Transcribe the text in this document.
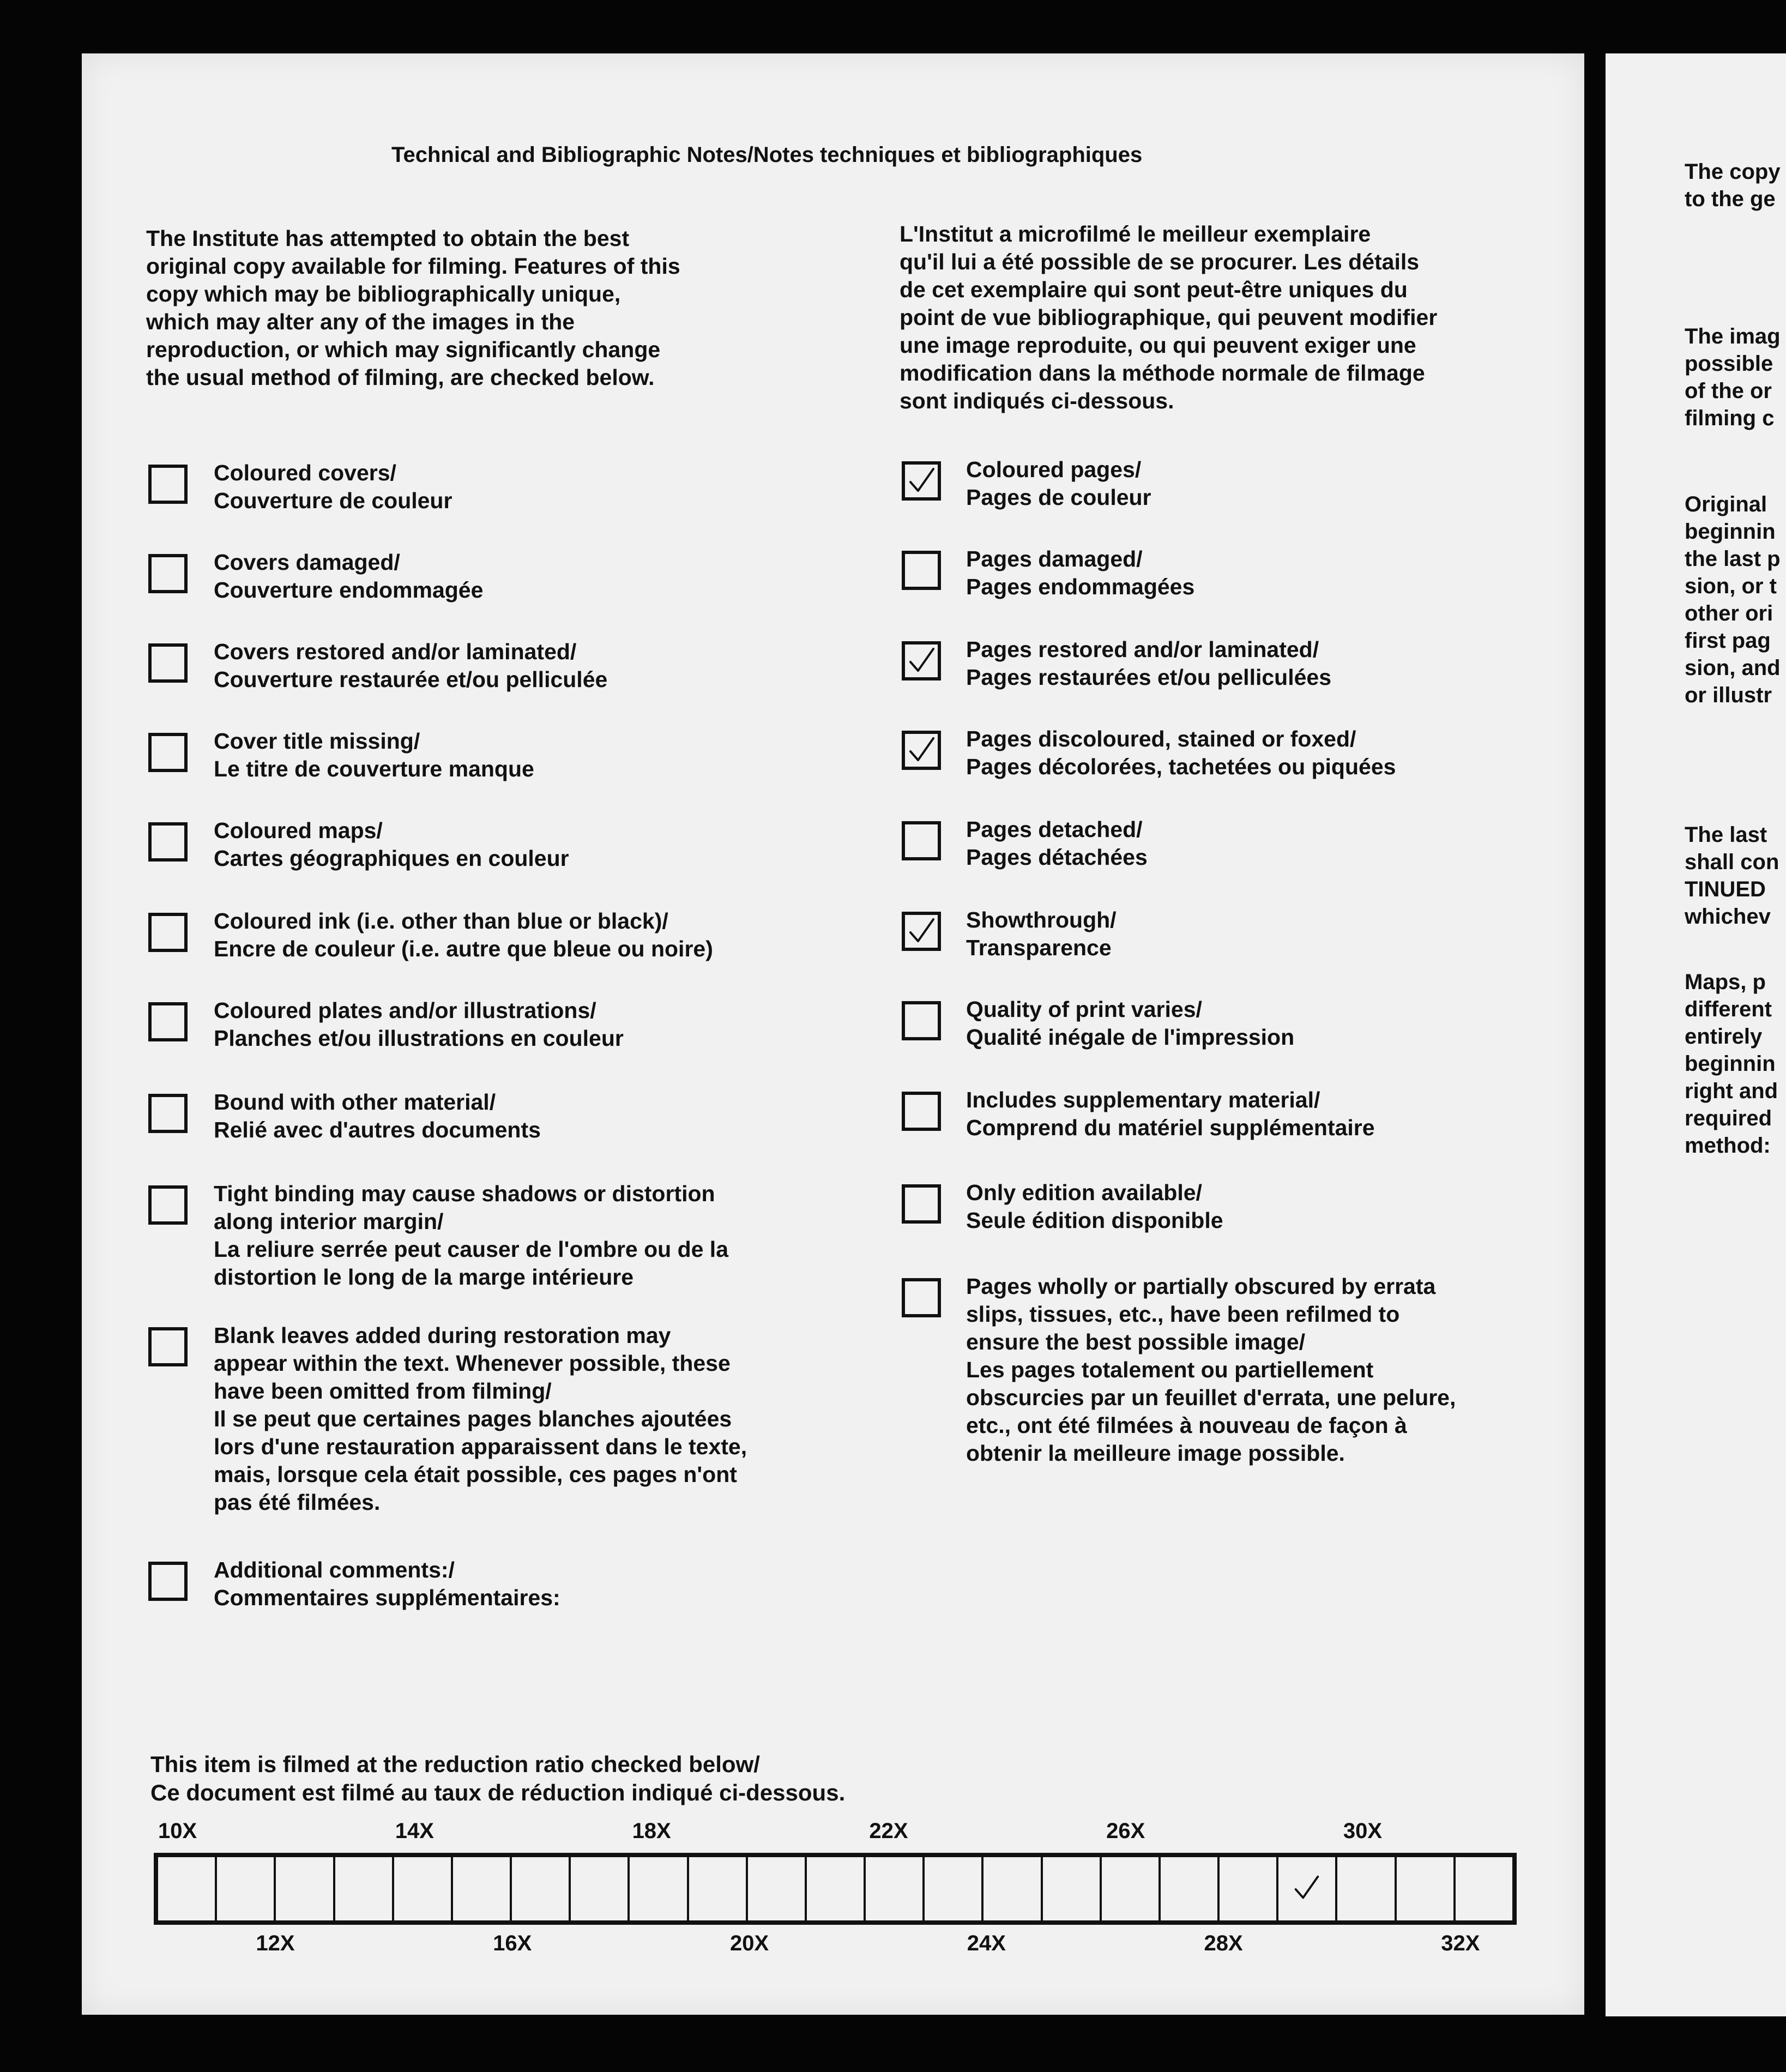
Technical and Bibliographic Notes/Notes techniques et bibliographiques
The Institute has attempted to obtain the best
original copy available for filming. Features of this
copy which may be bibliographically unique,
which may alter any of the images in the
reproduction, or which may significantly change
the usual method of filming, are checked below.
L'Institut a microfilmé le meilleur exemplaire
qu'il lui a été possible de se procurer. Les détails
de cet exemplaire qui sont peut-être uniques du
point de vue bibliographique, qui peuvent modifier
une image reproduite, ou qui peuvent exiger une
modification dans la méthode normale de filmage
sont indiqués ci-dessous.
Coloured covers/
Couverture de couleur
Covers damaged/
Couverture endommagée
Covers restored and/or laminated/
Couverture restaurée et/ou pelliculée
Cover title missing/
Le titre de couverture manque
Coloured maps/
Cartes géographiques en couleur
Coloured ink (i.e. other than blue or black)/
Encre de couleur (i.e. autre que bleue ou noire)
Coloured plates and/or illustrations/
Planches et/ou illustrations en couleur
Bound with other material/
Relié avec d'autres documents
Tight binding may cause shadows or distortion
along interior margin/
La reliure serrée peut causer de l'ombre ou de la
distortion le long de la marge intérieure
Blank leaves added during restoration may
appear within the text. Whenever possible, these
have been omitted from filming/
Il se peut que certaines pages blanches ajoutées
lors d'une restauration apparaissent dans le texte,
mais, lorsque cela était possible, ces pages n'ont
pas été filmées.
Additional comments:/
Commentaires supplémentaires:
Coloured pages/
Pages de couleur
Pages damaged/
Pages endommagées
Pages restored and/or laminated/
Pages restaurées et/ou pelliculées
Pages discoloured, stained or foxed/
Pages décolorées, tachetées ou piquées
Pages detached/
Pages détachées
Showthrough/
Transparence
Quality of print varies/
Qualité inégale de l'impression
Includes supplementary material/
Comprend du matériel supplémentaire
Only edition available/
Seule édition disponible
Pages wholly or partially obscured by errata
slips, tissues, etc., have been refilmed to
ensure the best possible image/
Les pages totalement ou partiellement
obscurcies par un feuillet d'errata, une pelure,
etc., ont été filmées à nouveau de façon à
obtenir la meilleure image possible.
This item is filmed at the reduction ratio checked below/
Ce document est filmé au taux de réduction indiqué ci-dessous.
10X	14X	18X	22X	26X	30X
12X	16X	20X	24X	28X	32X
The copy
to the ge
The imag
possible
of the or
filming c
Original
beginnin
the last p
sion, or t
other ori
first pag
sion, and
or illustr
The last
shall con
TINUED
whichev
Maps, p
different
entirely
beginnin
right and
required
method:
